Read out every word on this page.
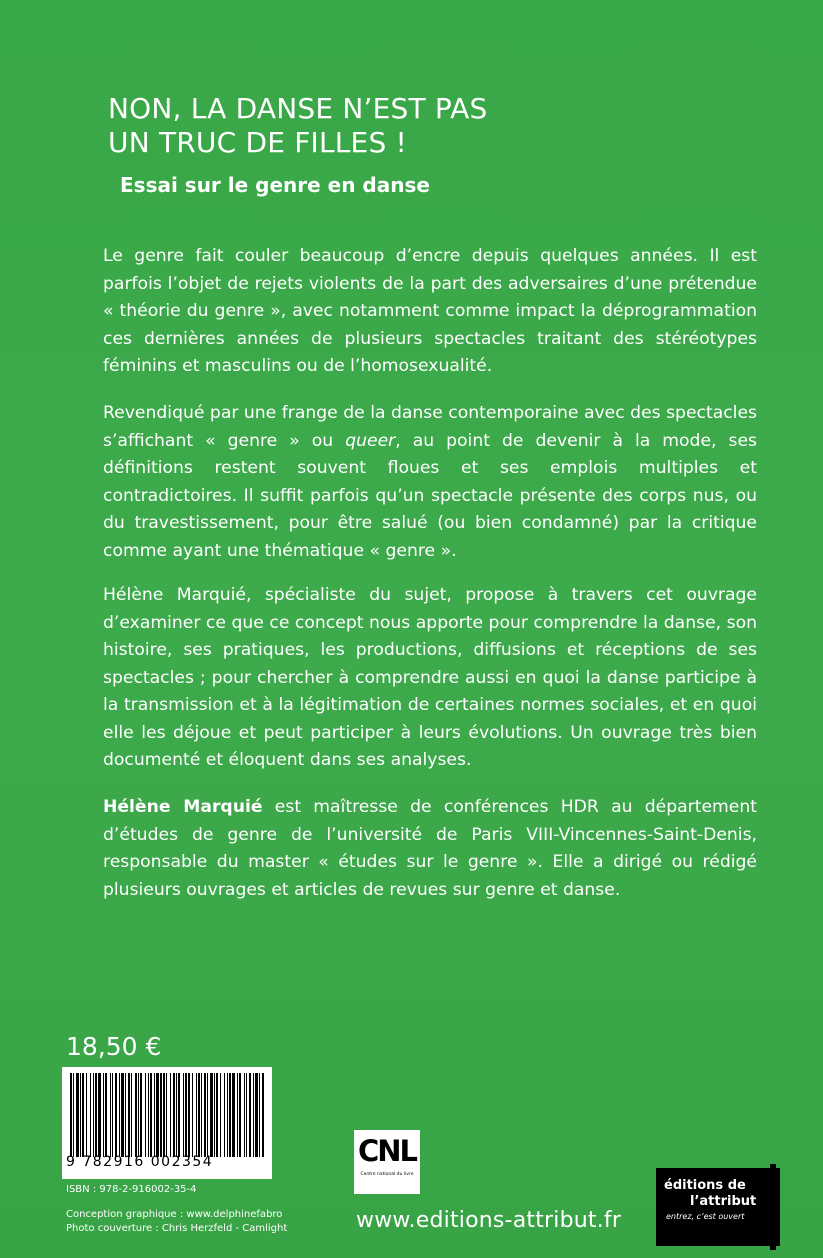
NON, LA DANSE N’EST PAS
UN TRUC DE FILLES !
Essai sur le genre en danse

Le genre fait couler beaucoup d’encre depuis quelques années. Il est parfois l’objet de rejets violents de la part des adversaires d’une prétendue « théorie du genre », avec notamment comme impact la déprogrammation ces dernières années de plusieurs spectacles traitant des stéréotypes féminins et masculins ou de l’homosexualité.

Revendiqué par une frange de la danse contemporaine avec des spectacles s’affichant « genre » ou queer, au point de devenir à la mode, ses définitions restent souvent floues et ses emplois multiples et contradictoires. Il suffit parfois qu’un spectacle présente des corps nus, ou du travestissement, pour être salué (ou bien condamné) par la critique comme ayant une thématique « genre ».

Hélène Marquié, spécialiste du sujet, propose à travers cet ouvrage d’examiner ce que ce concept nous apporte pour comprendre la danse, son histoire, ses pratiques, les productions, diffusions et réceptions de ses spectacles ; pour chercher à comprendre aussi en quoi la danse participe à la transmission et à la légitimation de certaines normes sociales, et en quoi elle les déjoue et peut participer à leurs évolutions. Un ouvrage très bien documenté et éloquent dans ses analyses.

Hélène Marquié est maîtresse de conférences HDR au département d’études de genre de l’université de Paris VIII-Vincennes-Saint-Denis, responsable du master « études sur le genre ». Elle a dirigé ou rédigé plusieurs ouvrages et articles de revues sur genre et danse.

18,50 €
9 782916 002354
ISBN : 978-2-916002-35-4
Conception graphique : www.delphinefabro
Photo couverture : Chris Herzfeld - Camlight
CNL
Centre national du livre
www.editions-attribut.fr
éditions de
l’attribut
entrez, c’est ouvert
